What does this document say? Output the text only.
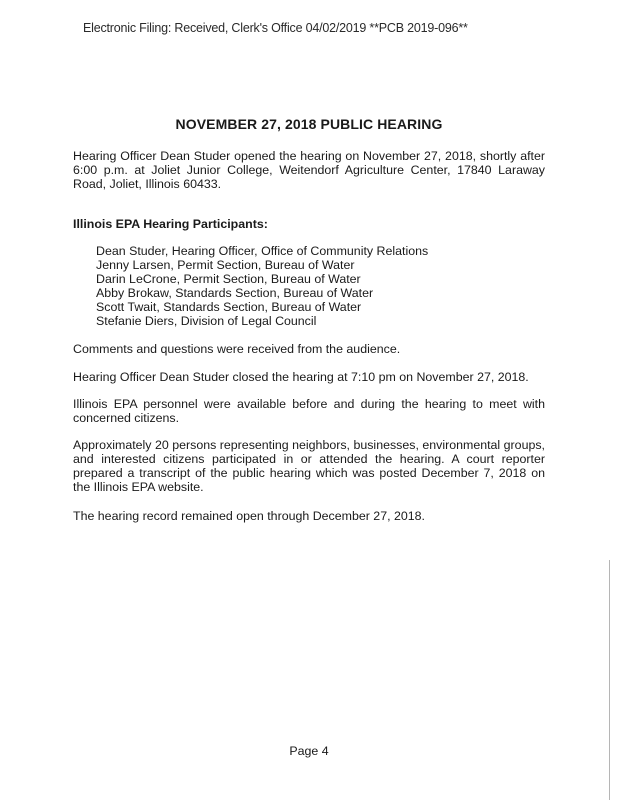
Electronic Filing: Received, Clerk's Office 04/02/2019 **PCB 2019-096**
NOVEMBER 27, 2018 PUBLIC HEARING
Hearing Officer Dean Studer opened the hearing on November 27, 2018, shortly after 6:00 p.m. at Joliet Junior College, Weitendorf Agriculture Center, 17840 Laraway Road, Joliet, Illinois 60433.
Illinois EPA Hearing Participants:
Dean Studer, Hearing Officer, Office of Community Relations
Jenny Larsen, Permit Section, Bureau of Water
Darin LeCrone, Permit Section, Bureau of Water
Abby Brokaw, Standards Section, Bureau of Water
Scott Twait, Standards Section, Bureau of Water
Stefanie Diers, Division of Legal Council
Comments and questions were received from the audience.
Hearing Officer Dean Studer closed the hearing at 7:10 pm on November 27, 2018.
Illinois EPA personnel were available before and during the hearing to meet with concerned citizens.
Approximately 20 persons representing neighbors, businesses, environmental groups, and interested citizens participated in or attended the hearing. A court reporter prepared a transcript of the public hearing which was posted December 7, 2018 on the Illinois EPA website.
The hearing record remained open through December 27, 2018.
Page 4
